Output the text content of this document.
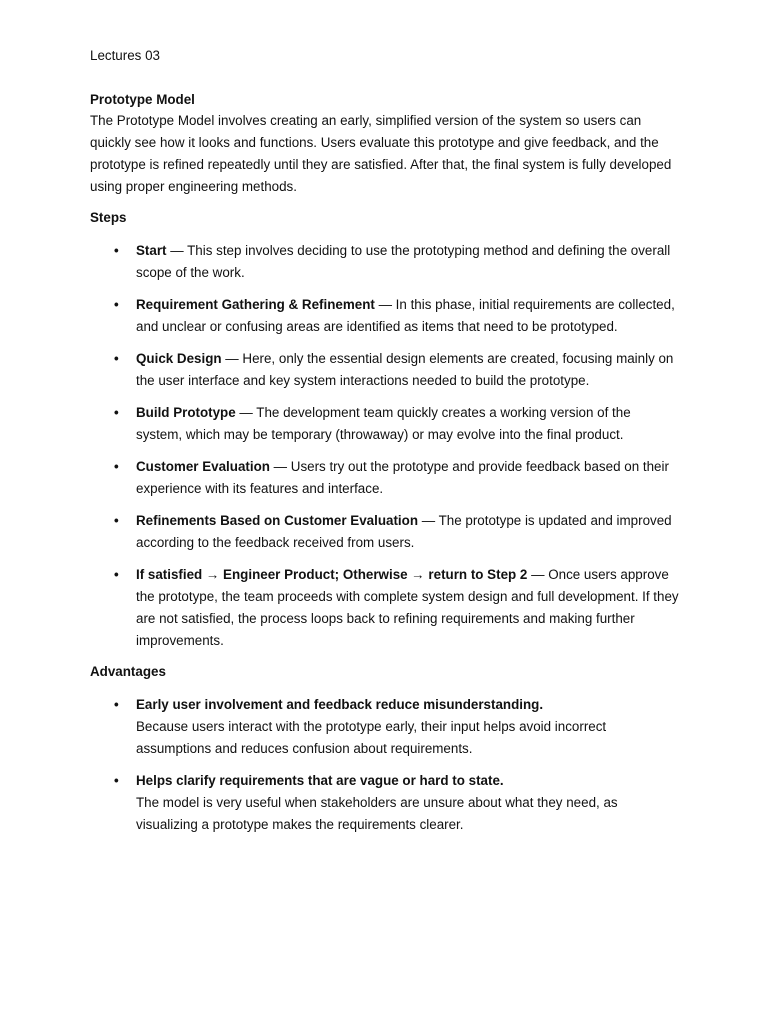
Lectures 03

Prototype Model

The Prototype Model involves creating an early, simplified version of the system so users can quickly see how it looks and functions. Users evaluate this prototype and give feedback, and the prototype is refined repeatedly until they are satisfied. After that, the final system is fully developed using proper engineering methods.

Steps

• Start — This step involves deciding to use the prototyping method and defining the overall scope of the work.
• Requirement Gathering & Refinement — In this phase, initial requirements are collected, and unclear or confusing areas are identified as items that need to be prototyped.
• Quick Design — Here, only the essential design elements are created, focusing mainly on the user interface and key system interactions needed to build the prototype.
• Build Prototype — The development team quickly creates a working version of the system, which may be temporary (throwaway) or may evolve into the final product.
• Customer Evaluation — Users try out the prototype and provide feedback based on their experience with its features and interface.
• Refinements Based on Customer Evaluation — The prototype is updated and improved according to the feedback received from users.
• If satisfied → Engineer Product; Otherwise → return to Step 2 — Once users approve the prototype, the team proceeds with complete system design and full development. If they are not satisfied, the process loops back to refining requirements and making further improvements.

Advantages

• Early user involvement and feedback reduce misunderstanding.
Because users interact with the prototype early, their input helps avoid incorrect assumptions and reduces confusion about requirements.
• Helps clarify requirements that are vague or hard to state.
The model is very useful when stakeholders are unsure about what they need, as visualizing a prototype makes the requirements clearer.
